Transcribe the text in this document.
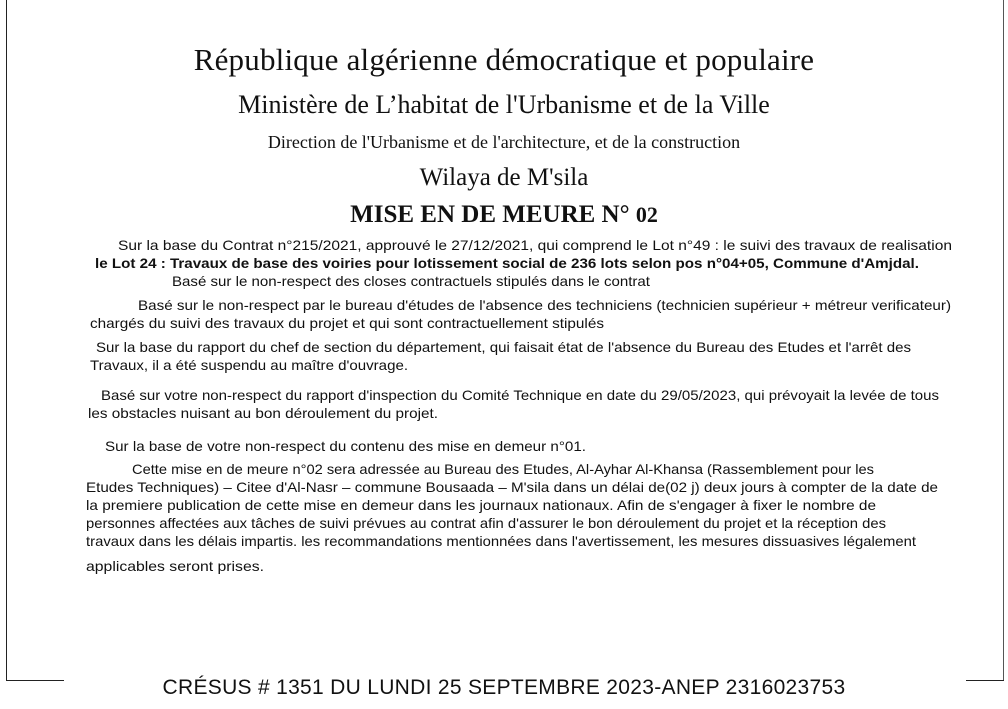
République algérienne démocratique et populaire
Ministère de L’habitat de l'Urbanisme et de la Ville
Direction de l'Urbanisme et de l'architecture, et de la construction
Wilaya de M'sila
MISE EN DE MEURE N° 02
Sur la base du Contrat n°215/2021, approuvé le 27/12/2021, qui comprend le Lot n°49 : le suivi des travaux de realisation
le Lot 24 : Travaux de base des voiries pour lotissement social de 236 lots selon pos n°04+05, Commune d'Amjdal.
Basé sur le non-respect des closes contractuels stipulés dans le contrat
Basé sur le non-respect par le bureau d'études de l'absence des techniciens (technicien supérieur + métreur verificateur)
chargés du suivi des travaux du projet et qui sont contractuellement stipulés
Sur la base du rapport du chef de section du département, qui faisait état de l'absence du Bureau des Etudes et l'arrêt des
Travaux, il a été suspendu au maître d'ouvrage.
Basé sur votre non-respect du rapport d'inspection du Comité Technique en date du 29/05/2023, qui prévoyait la levée de tous
les obstacles nuisant au bon déroulement du projet.
Sur la base de votre non-respect du contenu des mise en demeur n°01.
Cette mise en de meure n°02 sera adressée au Bureau des Etudes, Al-Ayhar Al-Khansa (Rassemblement pour les
Etudes Techniques) – Citee d'Al-Nasr – commune Bousaada – M'sila dans un délai de(02 j) deux jours à compter de la date de
la premiere publication de cette mise en demeur dans les journaux nationaux. Afin de s'engager à fixer le nombre de
personnes affectées aux tâches de suivi prévues au contrat afin d'assurer le bon déroulement du projet et la réception des
travaux dans les délais impartis. les recommandations mentionnées dans l'avertissement, les mesures dissuasives légalement
applicables seront prises.
CRÉSUS # 1351 DU LUNDI 25 SEPTEMBRE 2023-ANEP 2316023753
